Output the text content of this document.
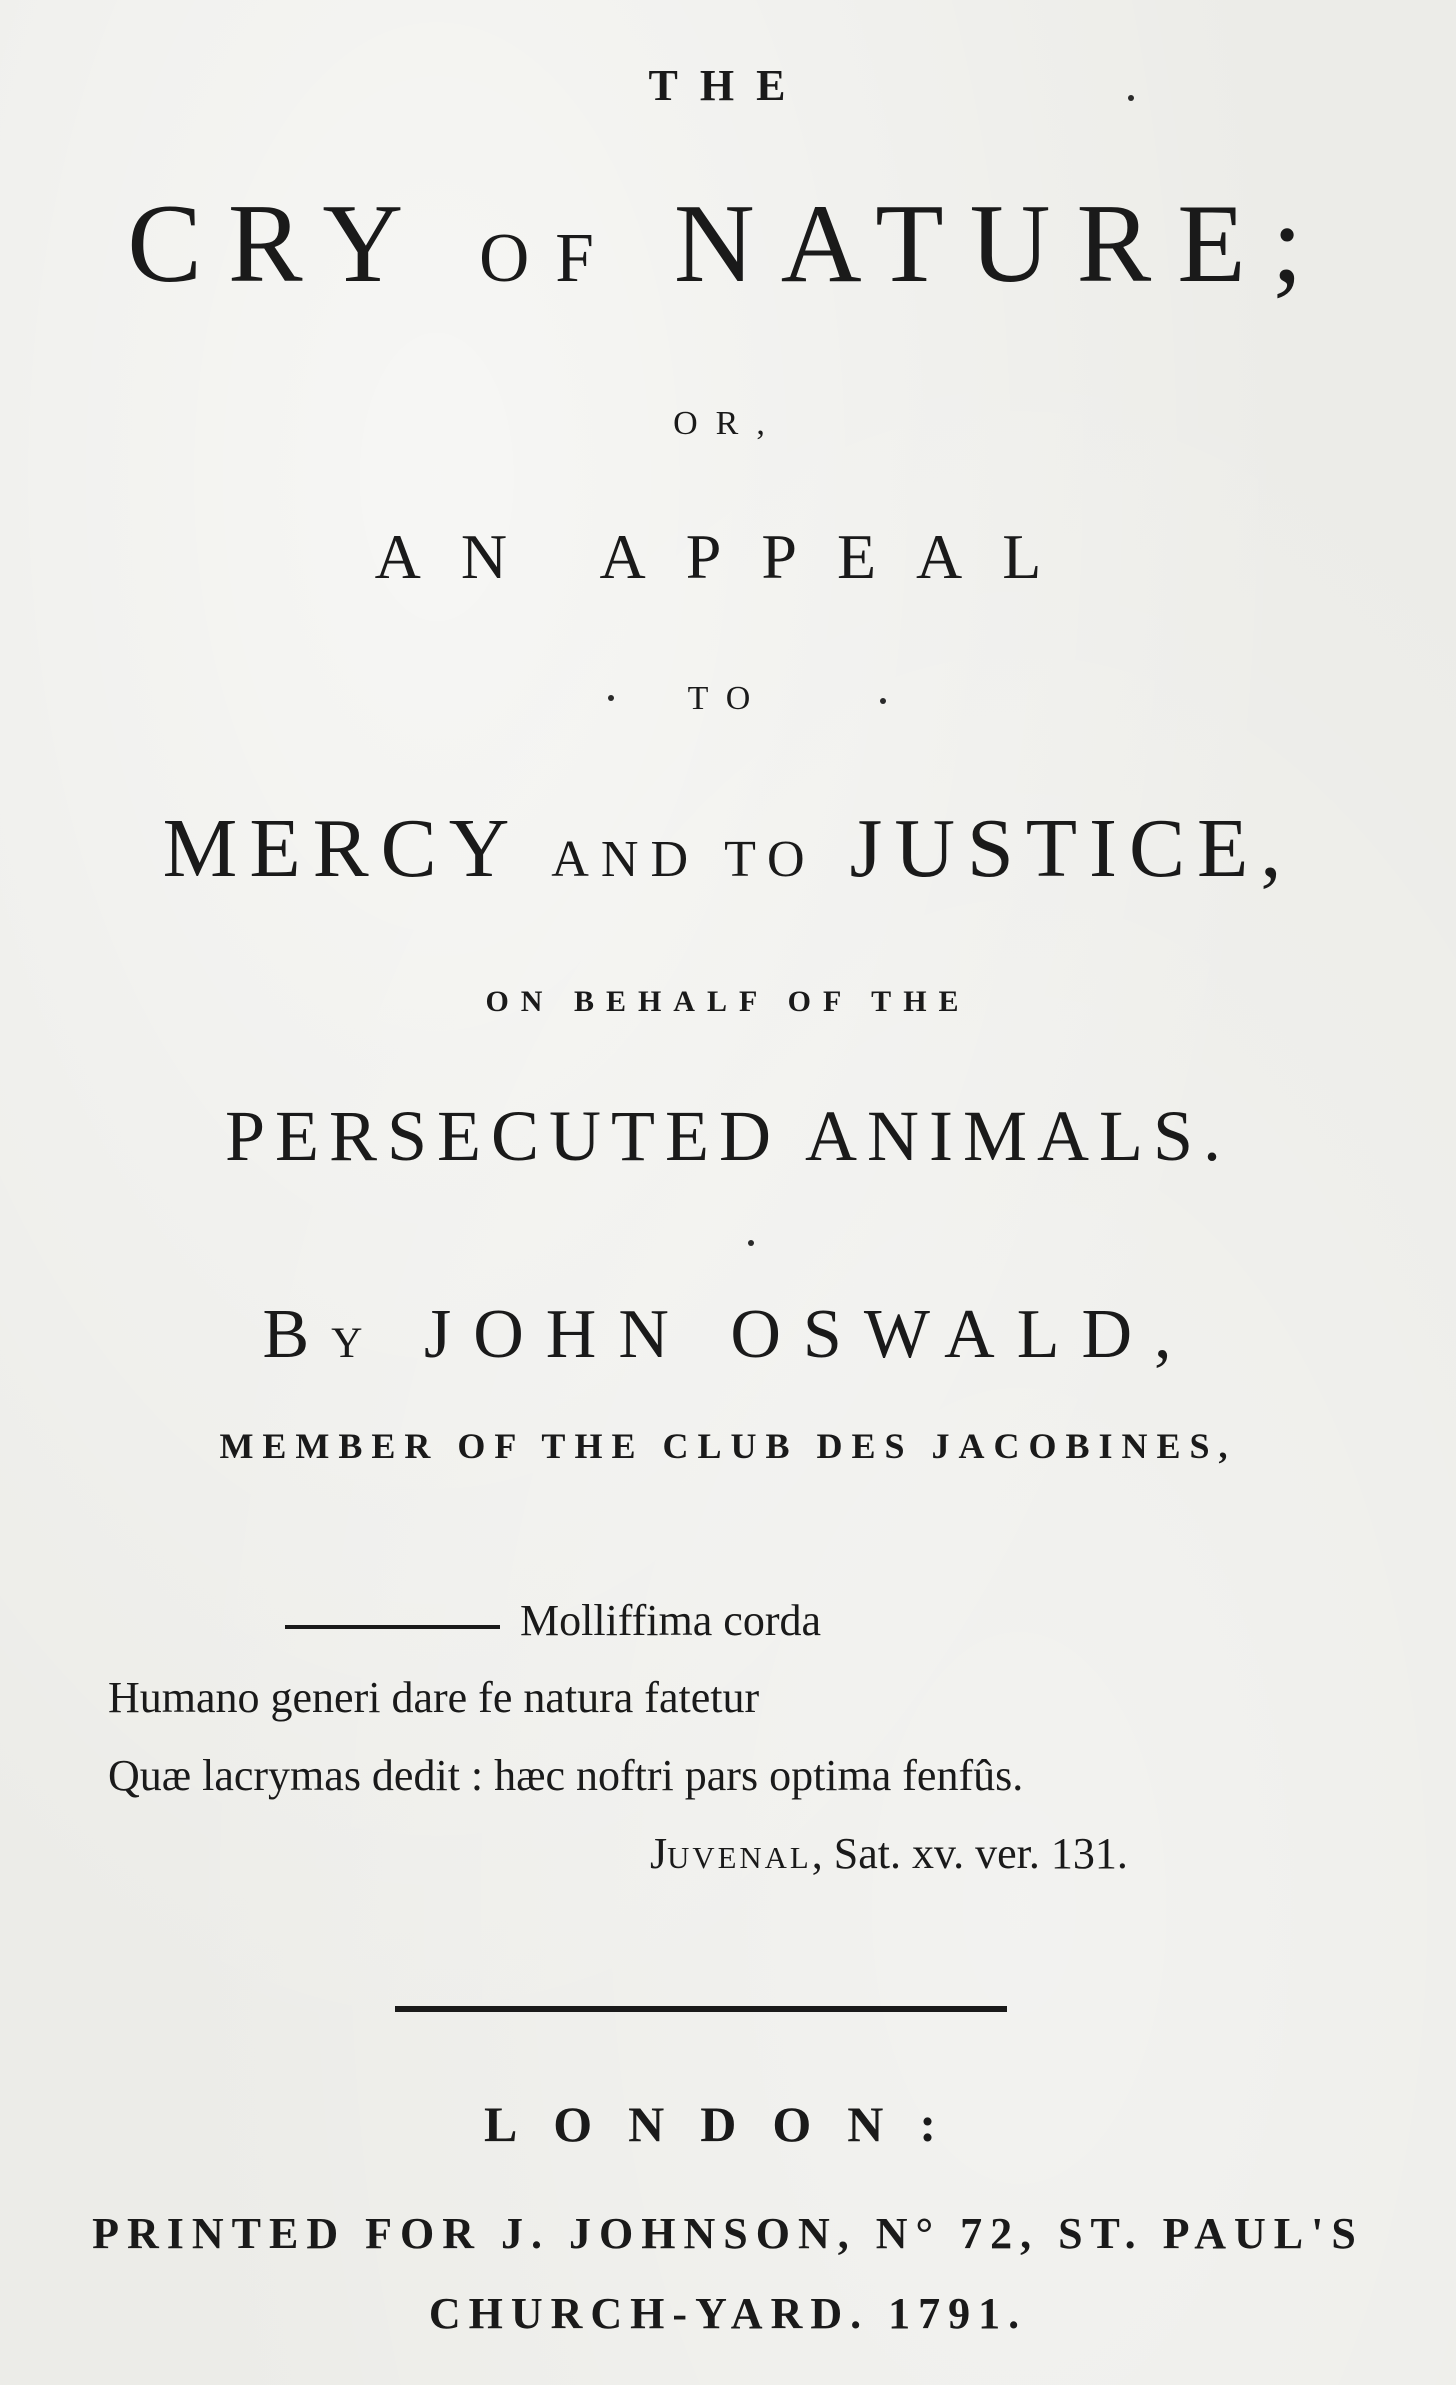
THE
CRY OF NATURE;
OR,
AN APPEAL
TO
MERCY AND TO JUSTICE,
ON BEHALF OF THE
PERSECUTED ANIMALS.
BY JOHN OSWALD,
MEMBER OF THE CLUB DES JACOBINES,
Molliffima corda
Humano generi dare fe natura fatetur
Quæ lacrymas dedit : hæc noftri pars optima fenfûs.
JUVENAL, Sat. xv. ver. 131.
LONDON:
PRINTED FOR J. JOHNSON, N° 72, ST. PAUL'S
CHURCH-YARD. 1791.
